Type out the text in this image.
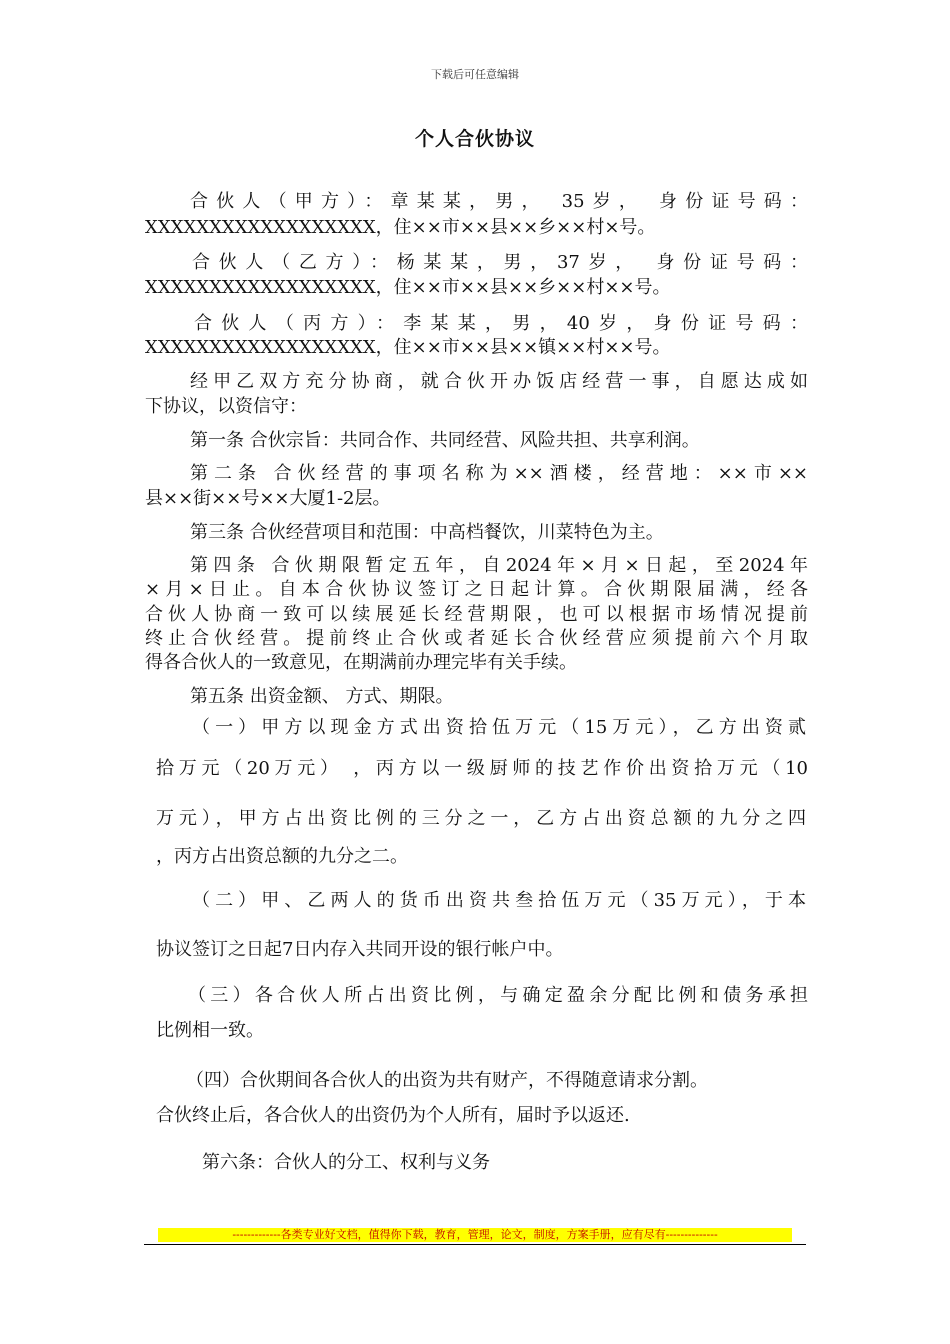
下载后可任意编辑
个人合伙协议
合伙人（甲方）：章某某，男， 35岁， 身份证号码：
XXXXXXXXXXXXXXXXXX，住××市××县××乡××村×号。
合伙人（乙方）：杨某某，男，37岁， 身份证号码：
XXXXXXXXXXXXXXXXXX，住××市××县××乡××村××号。
合伙人（丙方）：李某某，男，40岁，身份证号码：
XXXXXXXXXXXXXXXXXX，住××市××县××镇××村××号。
经甲乙双方充分协商，就合伙开办饭店经营一事，自愿达成如
下协议，以资信守：
第一条 合伙宗旨：共同合作、共同经营、风险共担、共享利润。
第二条 合伙经营的事项名称为××酒楼，经营地：××市××
县××街××号××大厦1-2层。
第三条 合伙经营项目和范围：中高档餐饮，川菜特色为主。
第四条 合伙期限暂定五年，自2024年×月×日起，至2024年
×月×日止。自本合伙协议签订之日起计算。合伙期限届满，经各
合伙人协商一致可以续展延长经营期限，也可以根据市场情况提前
终止合伙经营。提前终止合伙或者延长合伙经营应须提前六个月取
得各合伙人的一致意见，在期满前办理完毕有关手续。
第五条 出资金额、 方式、期限。
（一）甲方以现金方式出资拾伍万元（15万元），乙方出资贰
拾万元（20万元） ，丙方以一级厨师的技艺作价出资拾万元（10
万元），甲方占出资比例的三分之一，乙方占出资总额的九分之四
，丙方占出资总额的九分之二。
（二）甲、乙两人的货币出资共叁拾伍万元（35万元），于本
协议签订之日起7日内存入共同开设的银行帐户中。
（三）各合伙人所占出资比例，与确定盈余分配比例和债务承担
比例相一致。
（四）合伙期间各合伙人的出资为共有财产，不得随意请求分割。
合伙终止后，各合伙人的出资仍为个人所有，届时予以返还.
第六条：合伙人的分工、权利与义务
-------------各类专业好文档，值得你下载，教育，管理，论文，制度，方案手册，应有尽有--------------
